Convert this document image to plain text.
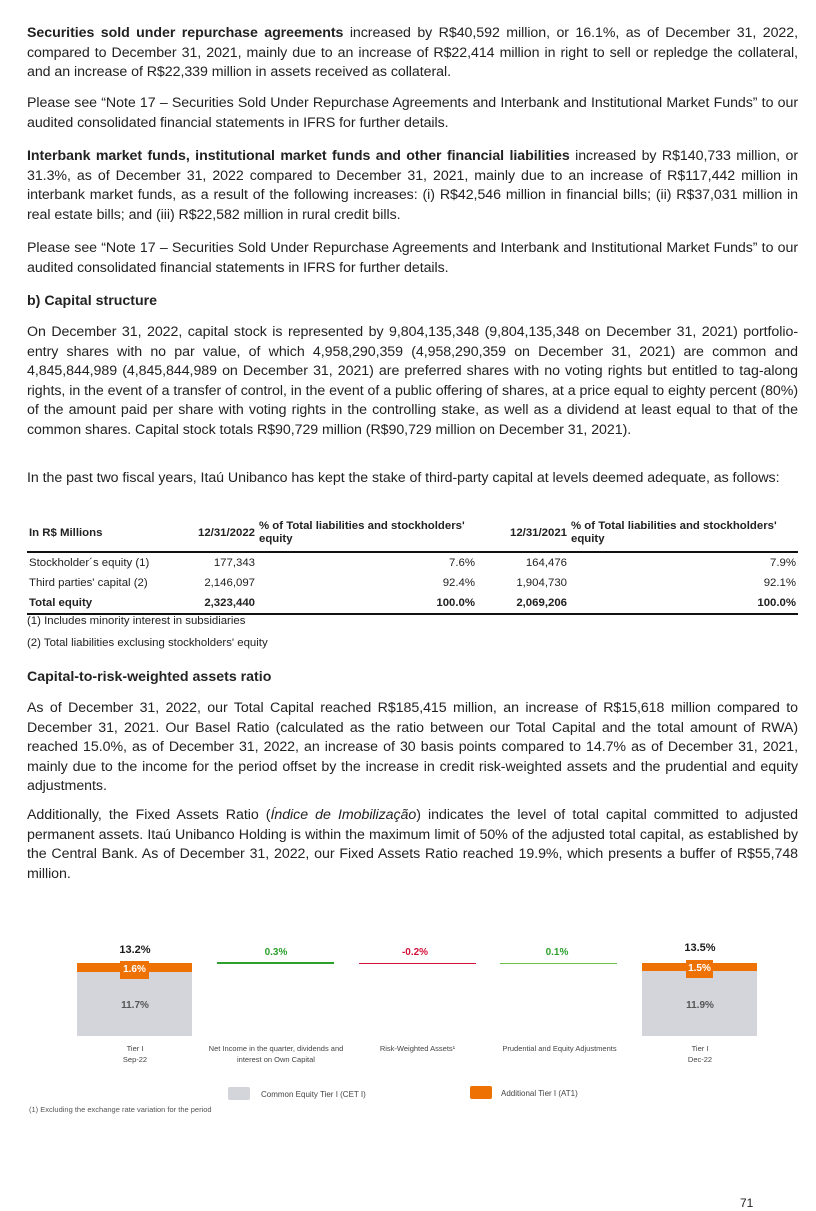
Securities sold under repurchase agreements increased by R$40,592 million, or 16.1%, as of December 31, 2022, compared to December 31, 2021, mainly due to an increase of R$22,414 million in right to sell or repledge the collateral, and an increase of R$22,339 million in assets received as collateral.

Please see “Note 17 – Securities Sold Under Repurchase Agreements and Interbank and Institutional Market Funds” to our audited consolidated financial statements in IFRS for further details.

Interbank market funds, institutional market funds and other financial liabilities increased by R$140,733 million, or 31.3%, as of December 31, 2022 compared to December 31, 2021, mainly due to an increase of R$117,442 million in interbank market funds, as a result of the following increases: (i) R$42,546 million in financial bills; (ii) R$37,031 million in real estate bills; and (iii) R$22,582 million in rural credit bills.

Please see “Note 17 – Securities Sold Under Repurchase Agreements and Interbank and Institutional Market Funds” to our audited consolidated financial statements in IFRS for further details.

b) Capital structure

On December 31, 2022, capital stock is represented by 9,804,135,348 (9,804,135,348 on December 31, 2021) portfolio-entry shares with no par value, of which 4,958,290,359 (4,958,290,359 on December 31, 2021) are common and 4,845,844,989 (4,845,844,989 on December 31, 2021) are preferred shares with no voting rights but entitled to tag-along rights, in the event of a transfer of control, in the event of a public offering of shares, at a price equal to eighty percent (80%) of the amount paid per share with voting rights in the controlling stake, as well as a dividend at least equal to that of the common shares. Capital stock totals R$90,729 million (R$90,729 million on December 31, 2021).

In the past two fiscal years, Itaú Unibanco has kept the stake of third-party capital at levels deemed adequate, as follows:

In R$ Millions	12/31/2022	% of Total liabilities and stockholders' equity	12/31/2021	% of Total liabilities and stockholders' equity
Stockholder´s equity (1)	177,343	7.6%	164,476	7.9%
Third parties' capital (2)	2,146,097	92.4%	1,904,730	92.1%
Total equity	2,323,440	100.0%	2,069,206	100.0%
(1) Includes minority interest in subsidiaries
(2) Total liabilities exclusing stockholders' equity
Capital-to-risk-weighted assets ratio

As of December 31, 2022, our Total Capital reached R$185,415 million, an increase of R$15,618 million compared to December 31, 2021. Our Basel Ratio (calculated as the ratio between our Total Capital and the total amount of RWA) reached 15.0%, as of December 31, 2022, an increase of 30 basis points compared to 14.7% as of December 31, 2021, mainly due to the income for the period offset by the increase in credit risk-weighted assets and the prudential and equity adjustments.

Additionally, the Fixed Assets Ratio (Índice de Imobilização) indicates the level of total capital committed to adjusted permanent assets. Itaú Unibanco Holding is within the maximum limit of 50% of the adjusted total capital, as established by the Central Bank. As of December 31, 2022, our Fixed Assets Ratio reached 19.9%, which presents a buffer of R$55,748 million.

13.2%
1.6%
11.7%
Tier I
Sep-22
0.3%
Net Income in the quarter, dividends and
interest on Own Capital
-0.2%
Risk-Weighted Assets¹
0.1%
Prudential and Equity Adjustments
13.5%
1.5%
11.9%
Tier I
Dec-22
Common Equity Tier I (CET I)	Additional Tier I (AT1)
(1) Excluding the exchange rate variation for the period
71
